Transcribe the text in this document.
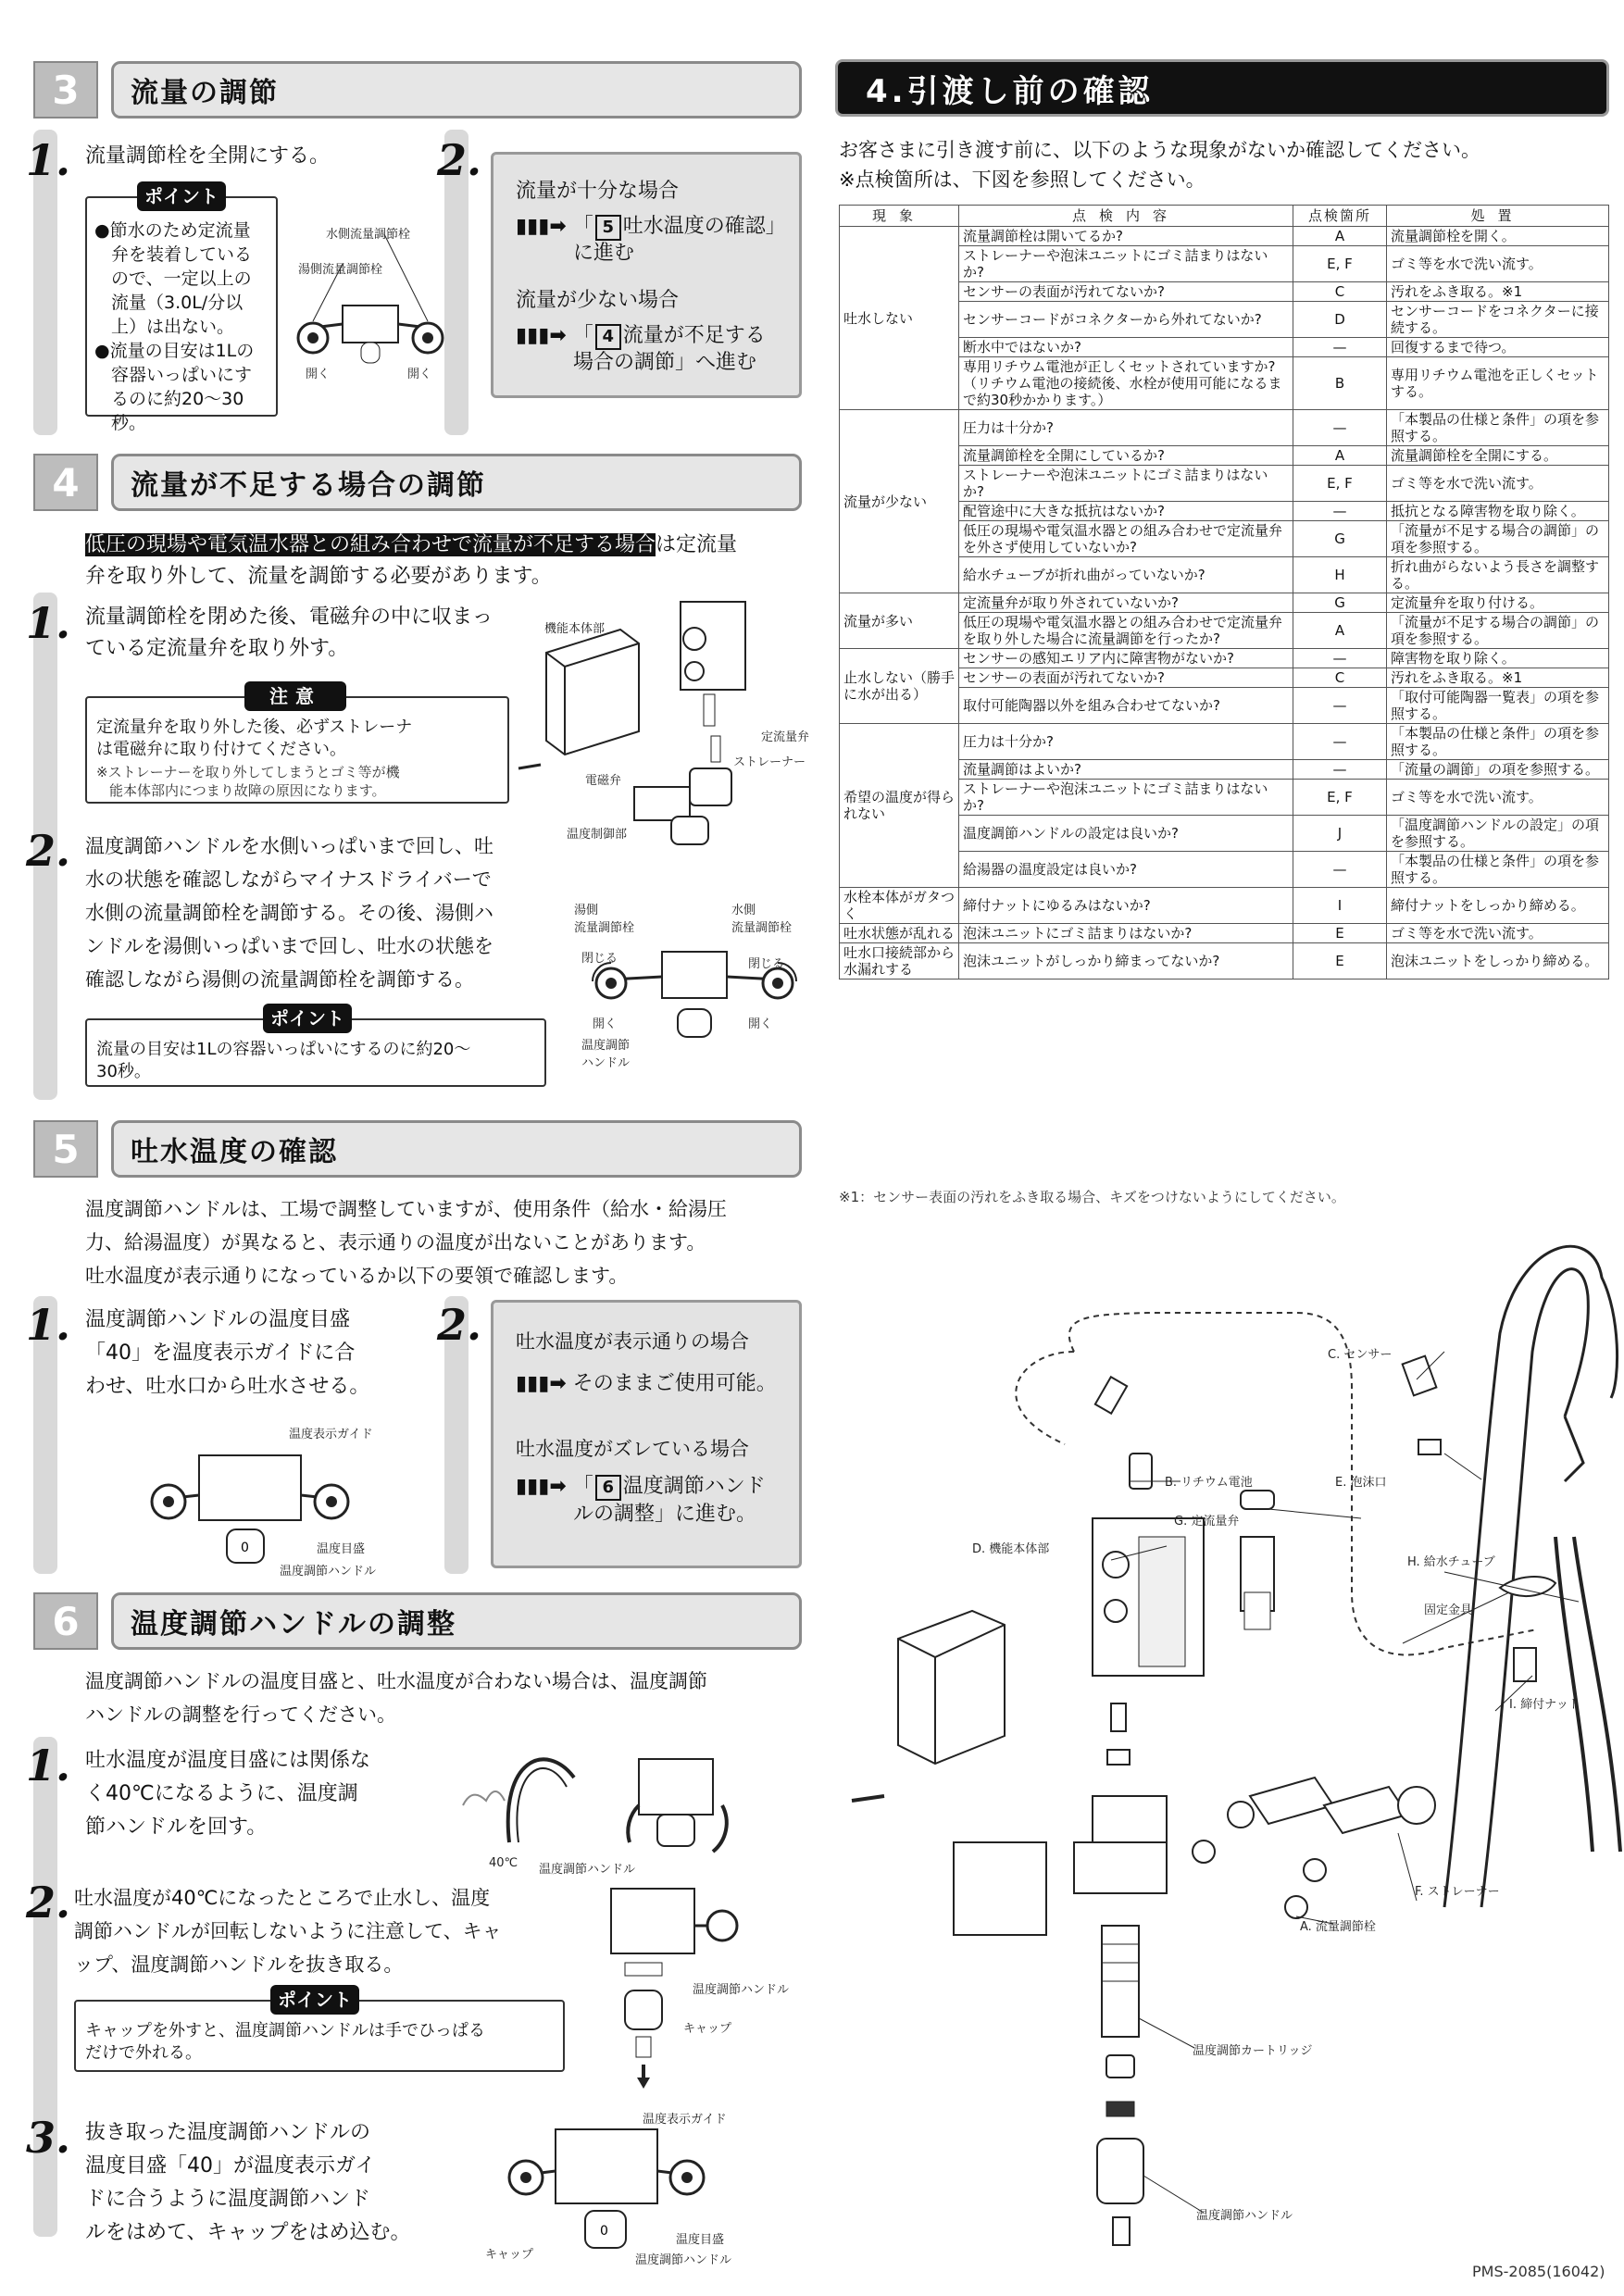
3	流量の調節
1. 流量調節栓を全開にする。
ポイント
●節水のため定流量
弁を装着している
ので、一定以上の
流量（3.0L/分以
上）は出ない。
●流量の目安は1Lの
容器いっぱいにす
るのに約20～30秒。
水側流量調節栓
湯側流量調節栓
開く	開く
2.
流量が十分な場合
▮▮▮➡ 「 5 吐水温度の確認」
に進む
流量が少ない場合
▮▮▮➡ 「 4 流量が不足する
場合の調節」へ進む
4	流量が不足する場合の調節
低圧の現場や電気温水器との組み合わせで流量が不足する場合は定流量
弁を取り外して、流量を調節する必要があります。
1. 流量調節栓を閉めた後、電磁弁の中に収まっ
ている定流量弁を取り外す。
注意
定流量弁を取り外した後、必ずストレーナ
は電磁弁に取り付けてください。
※ストレーナーを取り外してしまうとゴミ等が機
能本体部内につまり故障の原因になります。
機能本体部
定流量弁
ストレーナー
電磁弁
温度制御部
2. 温度調節ハンドルを水側いっぱいまで回し、吐
水の状態を確認しながらマイナスドライバーで
水側の流量調節栓を調節する。その後、湯側ハ
ンドルを湯側いっぱいまで回し、吐水の状態を
確認しながら湯側の流量調節栓を調節する。
ポイント
流量の目安は1Lの容器いっぱいにするのに約20～
30秒。
湯側
流量調節栓
水側
流量調節栓
閉じる	閉じる
開く	開く
温度調節
ハンドル
5	吐水温度の確認
温度調節ハンドルは、工場で調整していますが、使用条件（給水・給湯圧
力、給湯温度）が異なると、表示通りの温度が出ないことがあります。
吐水温度が表示通りになっているか以下の要領で確認します。
1. 温度調節ハンドルの温度目盛
「40」を温度表示ガイドに合
わせ、吐水口から吐水させる。
0
温度表示ガイド
温度目盛
温度調節ハンドル
2. 吐水温度が表示通りの場合
▮▮▮➡ そのままご使用可能。
吐水温度がズレている場合
▮▮▮➡ 「 6 温度調節ハンド
ルの調整」に進む。
6	温度調節ハンドルの調整
温度調節ハンドルの温度目盛と、吐水温度が合わない場合は、温度調節
ハンドルの調整を行ってください。
1. 吐水温度が温度目盛には関係な
く40℃になるように、温度調
節ハンドルを回す。
40℃ 温度調節ハンドル
2. 吐水温度が40℃になったところで止水し、温度
調節ハンドルが回転しないように注意して、キャ
ップ、温度調節ハンドルを抜き取る。
ポイント
キャップを外すと、温度調節ハンドルは手でひっぱる
だけで外れる。
温度調節ハンドル
キャップ
3. 抜き取った温度調節ハンドルの
温度目盛「40」が温度表示ガイ
ドに合うように温度調節ハンド
ルをはめて、キャップをはめ込む。	0
温度表示ガイド
キャップ
温度目盛
温度調節ハンドル
4.引渡し前の確認
お客さまに引き渡す前に、以下のような現象がないか確認してください。
※点検箇所は、下図を参照してください。
現象	点検内容	点検箇所	処置
吐水しない	流量調節栓は開いてるか?	A	流量調節栓を開く。
	ストレーナーや泡沫ユニットにゴミ詰まりはないか?	E, F	ゴミ等を水で洗い流す。
	センサーの表面が汚れてないか?	C	汚れをふき取る。※1
	センサーコードがコネクターから外れてないか?	D	センサーコードをコネクターに接続する。
	断水中ではないか?	—	回復するまで待つ。
	専用リチウム電池が正しくセットされていますか?（リチウム電池の接続後、水栓が使用可能になるまで約30秒かかります。）	B	専用リチウム電池を正しくセットする。
流量が少ない	圧力は十分か?	—	「本製品の仕様と条件」の項を参照する。
	流量調節栓を全開にしているか?	A	流量調節栓を全開にする。
	ストレーナーや泡沫ユニットにゴミ詰まりはないか?	E, F	ゴミ等を水で洗い流す。
	配管途中に大きな抵抗はないか?	—	抵抗となる障害物を取り除く。
	低圧の現場や電気温水器との組み合わせで定流量弁を外さず使用していないか?	G	「流量が不足する場合の調節」の項を参照する。
	給水チューブが折れ曲がっていないか?	H	折れ曲がらないよう長さを調整する。
流量が多い	定流量弁が取り外されていないか?	G	定流量弁を取り付ける。
	低圧の現場や電気温水器との組み合わせで定流量弁を取り外した場合に流量調節を行ったか?	A	「流量が不足する場合の調節」の項を参照する。
止水しない（勝手に水が出る）	センサーの感知エリア内に障害物がないか?	—	障害物を取り除く。
	センサーの表面が汚れてないか?	C	汚れをふき取る。※1
	取付可能陶器以外を組み合わせてないか?	—	「取付可能陶器一覧表」の項を参照する。
希望の温度が得られない	圧力は十分か?	—	「本製品の仕様と条件」の項を参照する。
	流量調節はよいか?	—	「流量の調節」の項を参照する。
	ストレーナーや泡沫ユニットにゴミ詰まりはないか?	E, F	ゴミ等を水で洗い流す。
	温度調節ハンドルの設定は良いか?	J	「温度調節ハンドルの設定」の項を参照する。
	給湯器の温度設定は良いか?	—	「本製品の仕様と条件」の項を参照する。
水栓本体がガタつく	締付ナットにゆるみはないか?	I	締付ナットをしっかり締める。
吐水状態が乱れる	泡沫ユニットにゴミ詰まりはないか?	E	ゴミ等を水で洗い流す。
吐水口接続部から水漏れする	泡沫ユニットがしっかり締まってないか?	E	泡沫ユニットをしっかり締める。
※1：センサー表面の汚れをふき取る場合、キズをつけないようにしてください。
C. センサー
B. リチウム電池	E. 泡沫口
G. 定流量弁
D. 機能本体部
H. 給水チューブ
固定金具
I. 締付ナット
F. ストレーナー
A. 流量調節栓
温度調節カートリッジ
温度調節ハンドル
PMS-2085(16042)
